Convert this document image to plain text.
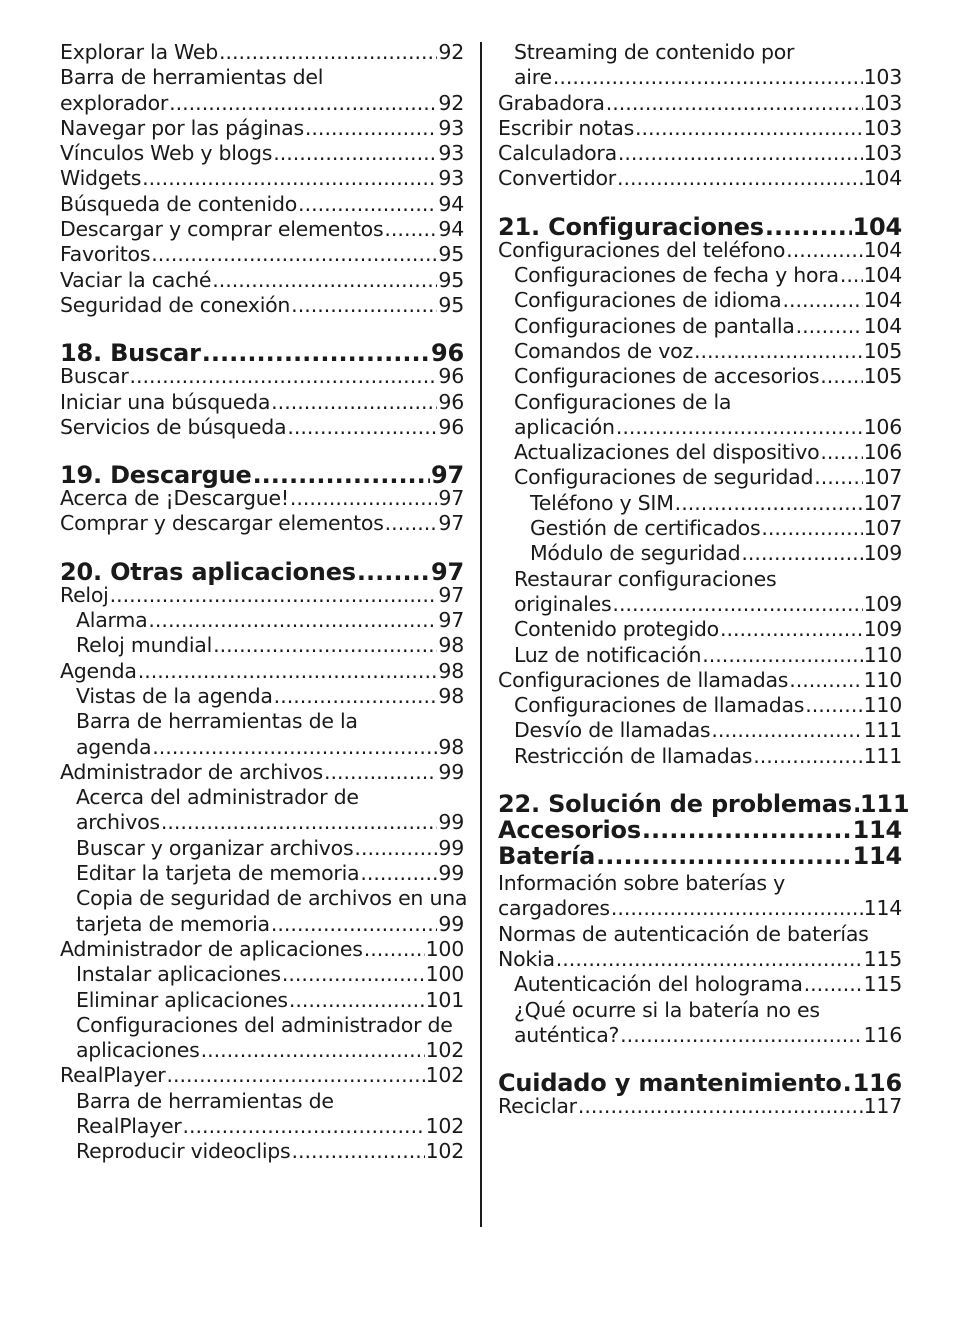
Explorar la Web .....	92
Barra de herramientas del
explorador .....	92
Navegar por las páginas .....	93
Vínculos Web y blogs .....	93
Widgets .....	93
Búsqueda de contenido .....	94
Descargar y comprar elementos .....	94
Favoritos .....	95
Vaciar la caché .....	95
Seguridad de conexión .....	95
18. Buscar .....	96
Buscar .....	96
Iniciar una búsqueda .....	96
Servicios de búsqueda .....	96
19. Descargue .....	97
Acerca de ¡Descargue! .....	97
Comprar y descargar elementos .....	97
20. Otras aplicaciones .....	97
Reloj .....	97
Alarma .....	97
Reloj mundial .....	98
Agenda .....	98
Vistas de la agenda .....	98
Barra de herramientas de la
agenda .....	98
Administrador de archivos .....	99
Acerca del administrador de
archivos .....	99
Buscar y organizar archivos .....	99
Editar la tarjeta de memoria .....	99
Copia de seguridad de archivos en una
tarjeta de memoria .....	99
Administrador de aplicaciones .....	100
Instalar aplicaciones .....	100
Eliminar aplicaciones .....	101
Configuraciones del administrador de
aplicaciones .....	102
RealPlayer .....	102
Barra de herramientas de
RealPlayer .....	102
Reproducir videoclips .....	102
Streaming de contenido por
aire .....	103
Grabadora .....	103
Escribir notas .....	103
Calculadora .....	103
Convertidor .....	104
21. Configuraciones .....	104
Configuraciones del teléfono .....	104
Configuraciones de fecha y hora ..... 104
Configuraciones de idioma .....	104
Configuraciones de pantalla .....	104
Comandos de voz .....	105
Configuraciones de accesorios ..... 105
Configuraciones de la
aplicación .....	106
Actualizaciones del dispositivo ..... 106
Configuraciones de seguridad ..... 107
Teléfono y SIM .....	107
Gestión de certificados .....	107
Módulo de seguridad .....	109
Restaurar configuraciones
originales .....	109
Contenido protegido .....	109
Luz de notificación .....	110
Configuraciones de llamadas .....	110
Configuraciones de llamadas .....	110
Desvío de llamadas .....	111
Restricción de llamadas .....	111
22. Solución de problemas ..... 111
Accesorios .....	114
Batería .....	114
Información sobre baterías y
cargadores .....	114
Normas de autenticación de baterías
Nokia .....	115
Autenticación del holograma .....	115
¿Qué ocurre si la batería no es
auténtica? .....	116
Cuidado y mantenimiento ..... 116
Reciclar .....	117
